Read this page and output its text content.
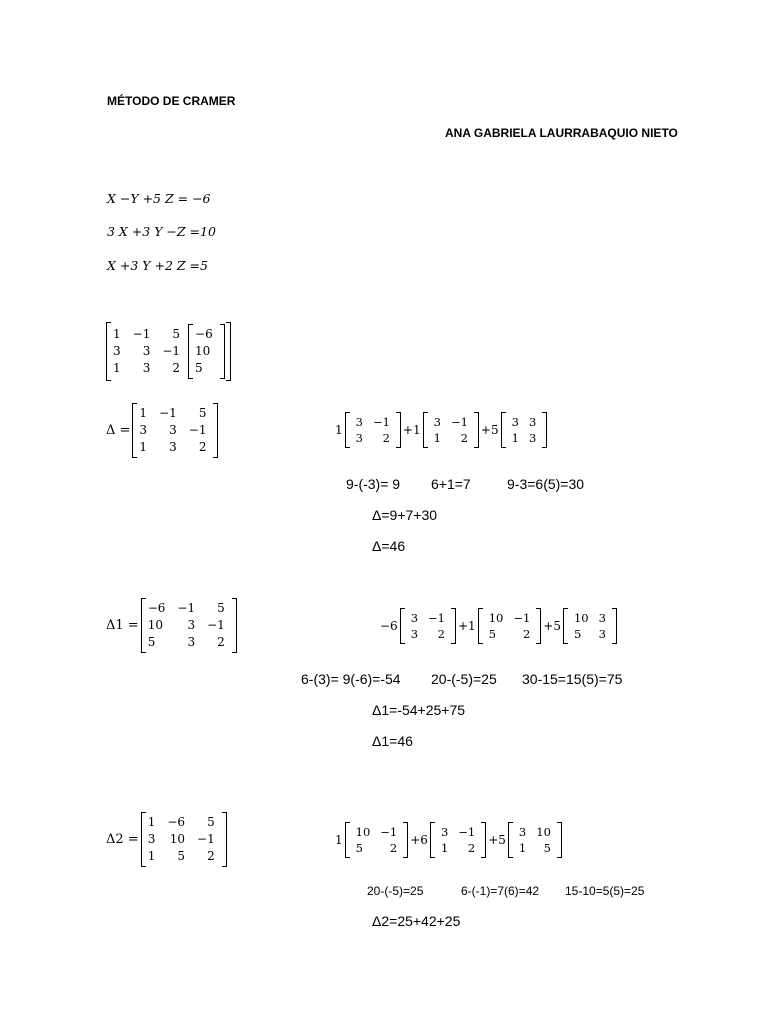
MÉTODO DE CRAMER
ANA GABRIELA LAURRABAQUIO NIETO
X −Y +5 Z = −6
3 X +3 Y −Z =10
X +3 Y +2 Z =5
1	−1	5
3	3	−1
1	3	2
−6
10
5
Δ =
1	−1	5
3	3	−1
1	3	2
1
3	−1
3	2
+1
3	−1
1	2
+5
3	3
1	3
9-(-3)= 9 6+1=7	9-3=6(5)=30
Δ=9+7+30
Δ=46
Δ1 =
−6	−1	5
10	3	−1
5	3	2
−6
3	−1
3	2
+1
10	−1
5	2
+5
10	3
5	3
6-(3)= 9(-6)=-54 20-(-5)=25 30-15=15(5)=75
Δ1=-54+25+75
Δ1=46
Δ2 =
1	−6	5
3	10	−1
1	5	2
1
10	−1
5	2
+6
3	−1
1	2
+5
3	10
1	5
20-(-5)=25	6-(-1)=7(6)=42 15-10=5(5)=25
Δ2=25+42+25
